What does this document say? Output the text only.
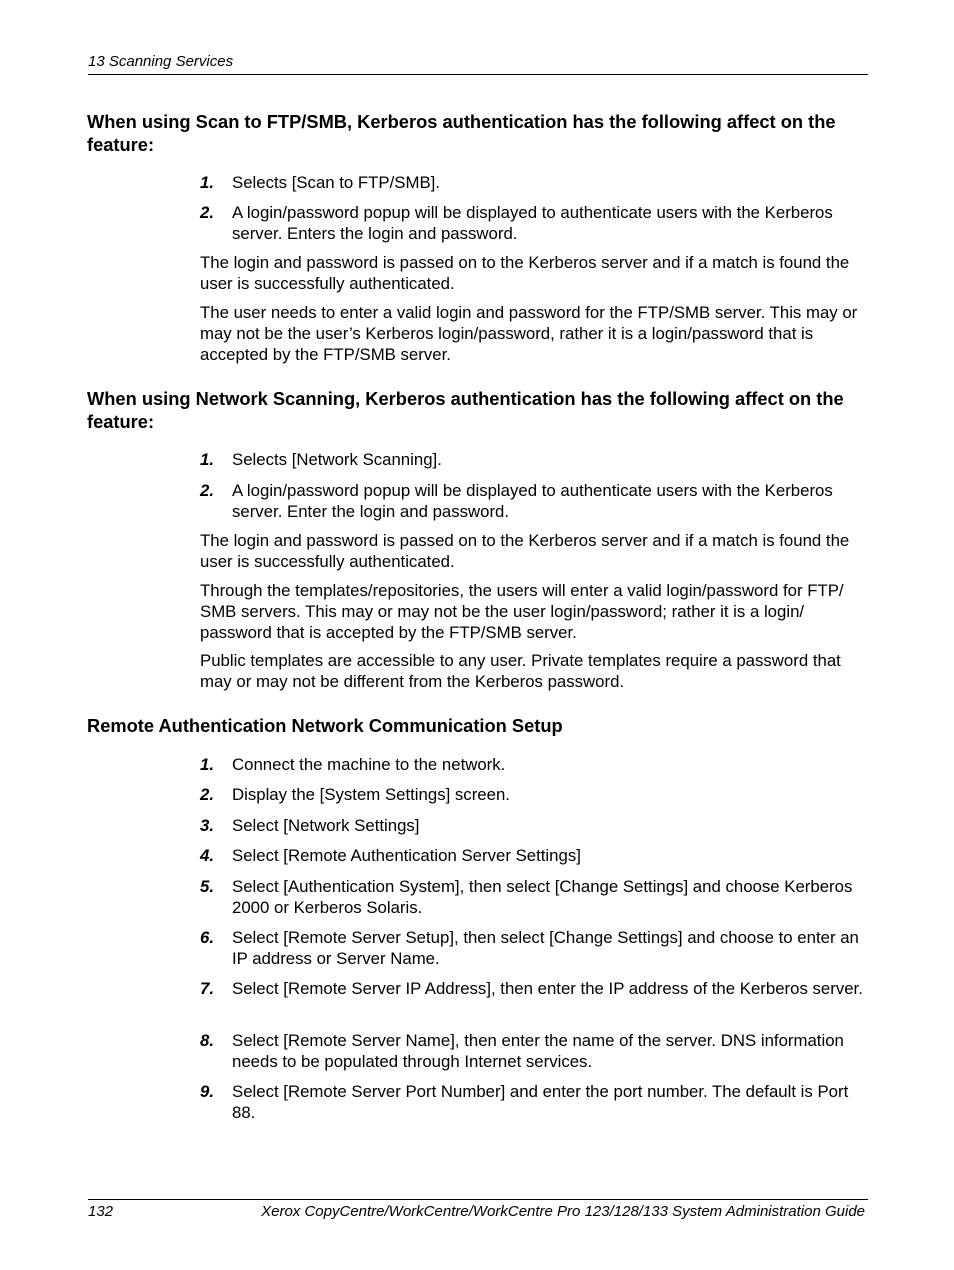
13 Scanning Services
When using Scan to FTP/SMB, Kerberos authentication has the following affect on the feature:
1. Selects [Scan to FTP/SMB].
2. A login/password popup will be displayed to authenticate users with the Kerberos server. Enters the login and password.
The login and password is passed on to the Kerberos server and if a match is found the user is successfully authenticated.
The user needs to enter a valid login and password for the FTP/SMB server. This may or may not be the user’s Kerberos login/password, rather it is a login/password that is accepted by the FTP/SMB server.
When using Network Scanning, Kerberos authentication has the following affect on the feature:
1. Selects [Network Scanning].
2. A login/password popup will be displayed to authenticate users with the Kerberos server. Enter the login and password.
The login and password is passed on to the Kerberos server and if a match is found the user is successfully authenticated.
Through the templates/repositories, the users will enter a valid login/password for FTP/ SMB servers. This may or may not be the user login/password; rather it is a login/ password that is accepted by the FTP/SMB server.
Public templates are accessible to any user. Private templates require a password that may or may not be different from the Kerberos password.
Remote Authentication Network Communication Setup
1. Connect the machine to the network.
2. Display the [System Settings] screen.
3. Select [Network Settings]
4. Select [Remote Authentication Server Settings]
5. Select [Authentication System], then select [Change Settings] and choose Kerberos 2000 or Kerberos Solaris.
6. Select [Remote Server Setup], then select [Change Settings] and choose to enter an IP address or Server Name.
7. Select [Remote Server IP Address], then enter the IP address of the Kerberos server.
8. Select [Remote Server Name], then enter the name of the server. DNS information needs to be populated through Internet services.
9. Select [Remote Server Port Number] and enter the port number. The default is Port 88.
132	Xerox CopyCentre/WorkCentre/WorkCentre Pro 123/128/133 System Administration Guide
